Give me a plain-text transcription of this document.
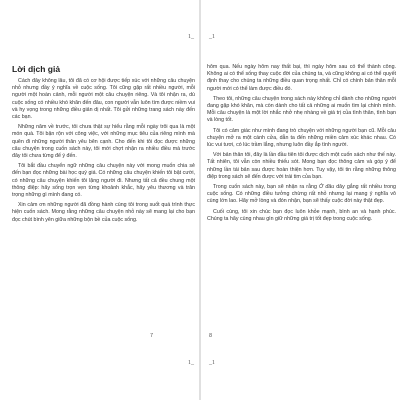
1_
1_
Lời dịch giả

Cách đây không lâu, tôi đã có cơ hội được tiếp xúc với những câu chuyện nhỏ nhưng đầy ý nghĩa về cuộc sống. Tôi cũng gặp rất nhiều người, mỗi người một hoàn cảnh, mỗi người một câu chuyện riêng. Và tôi nhận ra, dù cuộc sống có nhiều khó khăn đến đâu, con người vẫn luôn tìm được niềm vui và hy vọng trong những điều giản dị nhất. Tôi gửi những trang sách này đến các bạn.

Những năm về trước, tôi chưa thật sự hiểu rằng mỗi ngày trôi qua là một món quà. Tôi bận rộn với công việc, với những mục tiêu của riêng mình mà quên đi những người thân yêu bên cạnh. Cho đến khi tôi đọc được những câu chuyện trong cuốn sách này, tôi mới chợt nhận ra nhiều điều mà trước đây tôi chưa từng để ý đến.

Tôi bắt đầu chuyển ngữ những câu chuyện này với mong muốn chia sẻ đến bạn đọc những bài học quý giá. Có những câu chuyện khiến tôi bật cười, có những câu chuyện khiến tôi lặng người đi. Nhưng tất cả đều chung một thông điệp: hãy sống trọn vẹn từng khoảnh khắc, hãy yêu thương và trân trọng những gì mình đang có.

Xin cảm ơn những người đã đồng hành cùng tôi trong suốt quá trình thực hiện cuốn sách. Mong rằng những câu chuyện nhỏ này sẽ mang lại cho bạn đọc chút bình yên giữa những bộn bề của cuộc sống.

7
_1
_1

hôm qua. Nếu ngày hôm nay thất bại, thì ngày hôm sau có thể thành công. Không ai có thể sống thay cuộc đời của chúng ta, và cũng không ai có thể quyết định thay cho chúng ta những điều quan trọng nhất. Chỉ có chính bản thân mỗi người mới có thể làm được điều đó.

Theo tôi, những câu chuyện trong sách này không chỉ dành cho những người đang gặp khó khăn, mà còn dành cho tất cả những ai muốn tìm lại chính mình. Mỗi câu chuyện là một lời nhắc nhở nhẹ nhàng về giá trị của tình thân, tình bạn và lòng tốt.

Tôi có cảm giác như mình đang trò chuyện với những người bạn cũ. Mỗi câu chuyện mở ra một cánh cửa, dẫn ta đến những miền cảm xúc khác nhau. Có lúc vui tươi, có lúc trầm lắng, nhưng luôn đầy ắp tình người.

Với bản thân tôi, đây là lần đầu tiên tôi được dịch một cuốn sách như thế này. Tất nhiên, tôi vẫn còn nhiều thiếu sót. Mong bạn đọc thông cảm và góp ý để những lần tái bản sau được hoàn thiện hơn. Tuy vậy, tôi tin rằng những thông điệp trong sách sẽ đến được với trái tim của bạn.

Trong cuốn sách này, bạn sẽ nhận ra rằng Ở đâu dây gắng rất nhiều trong cuộc sống. Có những điều tưởng chừng rất nhỏ nhưng lại mang ý nghĩa vô cùng lớn lao. Hãy mở lòng và đón nhận, bạn sẽ thấy cuộc đời này thật đẹp.

Cuối cùng, tôi xin chúc bạn đọc luôn khỏe mạnh, bình an và hạnh phúc. Chúng ta hãy cùng nhau gìn giữ những giá trị tốt đẹp trong cuộc sống.

8
